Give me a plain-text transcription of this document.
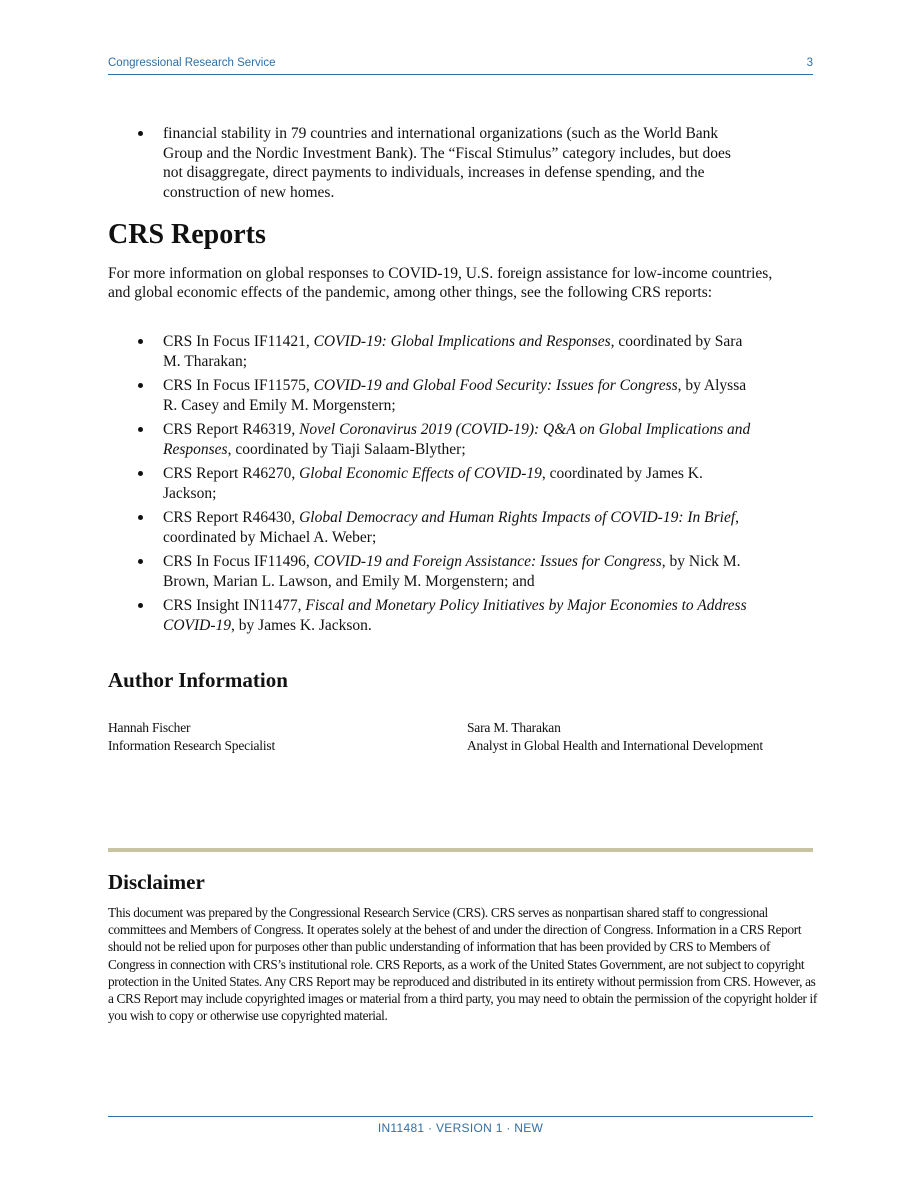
Congressional Research Service	3
financial stability in 79 countries and international organizations (such as the World Bank Group and the Nordic Investment Bank). The “Fiscal Stimulus” category includes, but does not disaggregate, direct payments to individuals, increases in defense spending, and the construction of new homes.
CRS Reports

For more information on global responses to COVID-19, U.S. foreign assistance for low-income countries, and global economic effects of the pandemic, among other things, see the following CRS reports:

CRS In Focus IF11421, COVID-19: Global Implications and Responses, coordinated by Sara M. Tharakan;
CRS In Focus IF11575, COVID-19 and Global Food Security: Issues for Congress, by Alyssa R. Casey and Emily M. Morgenstern;
CRS Report R46319, Novel Coronavirus 2019 (COVID-19): Q&A on Global Implications and Responses, coordinated by Tiaji Salaam-Blyther;
CRS Report R46270, Global Economic Effects of COVID-19, coordinated by James K. Jackson;
CRS Report R46430, Global Democracy and Human Rights Impacts of COVID-19: In Brief, coordinated by Michael A. Weber;
CRS In Focus IF11496, COVID-19 and Foreign Assistance: Issues for Congress, by Nick M. Brown, Marian L. Lawson, and Emily M. Morgenstern; and
CRS Insight IN11477, Fiscal and Monetary Policy Initiatives by Major Economies to Address COVID-19, by James K. Jackson.
Author Information
Hannah Fischer
Information Research Specialist
Sara M. Tharakan
Analyst in Global Health and International Development
Disclaimer

This document was prepared by the Congressional Research Service (CRS). CRS serves as nonpartisan shared staff to congressional committees and Members of Congress. It operates solely at the behest of and under the direction of Congress. Information in a CRS Report should not be relied upon for purposes other than public understanding of information that has been provided by CRS to Members of Congress in connection with CRS’s institutional role. CRS Reports, as a work of the United States Government, are not subject to copyright protection in the United States. Any CRS Report may be reproduced and distributed in its entirety without permission from CRS. However, as a CRS Report may include copyrighted images or material from a third party, you may need to obtain the permission of the copyright holder if you wish to copy or otherwise use copyrighted material.

IN11481 · VERSION 1 · NEW
